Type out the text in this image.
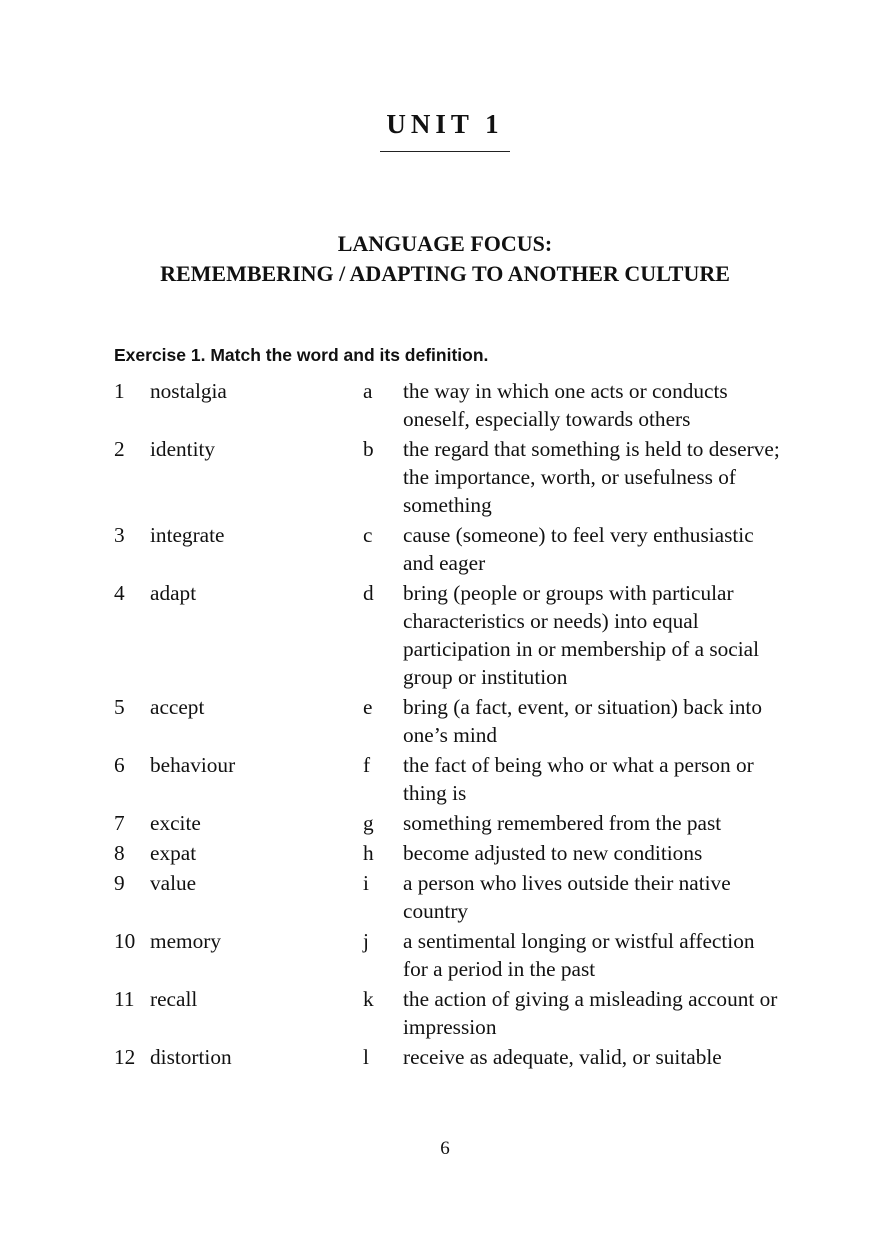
UNIT 1
LANGUAGE FOCUS:
REMEMBERING / ADAPTING TO ANOTHER CULTURE
Exercise 1. Match the word and its definition.
1	nostalgia	a	the way in which one acts or conducts oneself, especially towards others
2	identity	b	the regard that something is held to deserve; the importance, worth, or usefulness of something
3	integrate	c	cause (someone) to feel very enthusiastic and eager
4	adapt	d	bring (people or groups with particular characteristics or needs) into equal participation in or membership of a social group or institution
5	accept	e	bring (a fact, event, or situation) back into one’s mind
6	behaviour	f	the fact of being who or what a person or thing is
7	excite	g	something remembered from the past
8	expat	h	become adjusted to new conditions
9	value	i	a person who lives outside their native country
10 memory	j	a sentimental longing or wistful affection for a period in the past
11 recall	k	the action of giving a misleading account or impression
12 distortion	l	receive as adequate, valid, or suitable
6
